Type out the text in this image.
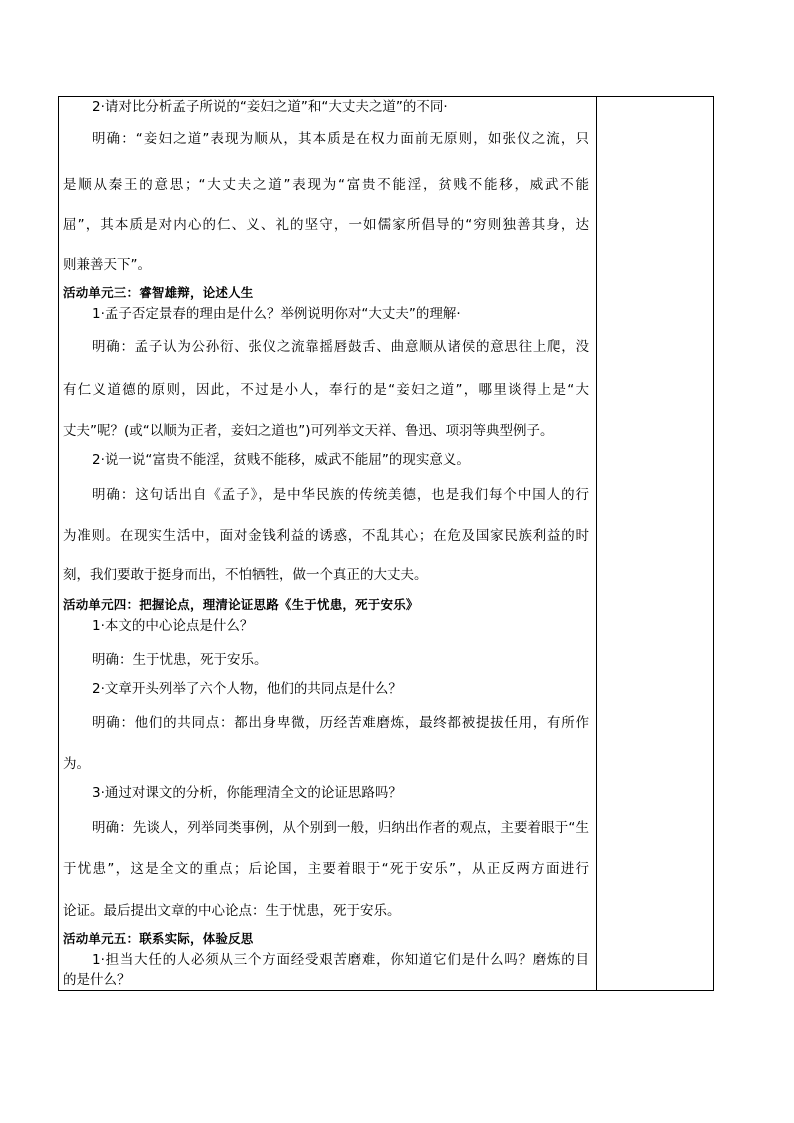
2·请对比分析孟子所说的“妾妇之道”和“大丈夫之道”的不同·
明确：“妾妇之道”表现为顺从，其本质是在权力面前无原则，如张仪之流，只
是顺从秦王的意思；“大丈夫之道”表现为“富贵不能淫，贫贱不能移，威武不能
屈”，其本质是对内心的仁、义、礼的坚守，一如儒家所倡导的“穷则独善其身，达
则兼善天下”。
活动单元三：睿智雄辩，论述人生
1·孟子否定景春的理由是什么？举例说明你对“大丈夫”的理解·
明确：孟子认为公孙衍、张仪之流靠摇唇鼓舌、曲意顺从诸侯的意思往上爬，没
有仁义道德的原则，因此，不过是小人，奉行的是“妾妇之道”，哪里谈得上是“大
丈夫”呢？(或“以顺为正者，妾妇之道也”)可列举文天祥、鲁迅、项羽等典型例子。
2·说一说“富贵不能淫，贫贱不能移，威武不能屈”的现实意义。
明确：这句话出自《孟子》，是中华民族的传统美德，也是我们每个中国人的行
为准则。在现实生活中，面对金钱利益的诱惑，不乱其心；在危及国家民族利益的时
刻，我们要敢于挺身而出，不怕牺牲，做一个真正的大丈夫。
活动单元四：把握论点，理清论证思路《生于忧患，死于安乐》
1·本文的中心论点是什么？
明确：生于忧患，死于安乐。
2·文章开头列举了六个人物，他们的共同点是什么？
明确：他们的共同点：都出身卑微，历经苦难磨炼，最终都被提拔任用，有所作
为。
3·通过对课文的分析，你能理清全文的论证思路吗？
明确：先谈人，列举同类事例，从个别到一般，归纳出作者的观点，主要着眼于“生
于忧患”，这是全文的重点；后论国，主要着眼于“死于安乐”，从正反两方面进行
论证。最后提出文章的中心论点：生于忧患，死于安乐。
活动单元五：联系实际，体验反思
1·担当大任的人必须从三个方面经受艰苦磨难，你知道它们是什么吗？磨炼的目
的是什么？
